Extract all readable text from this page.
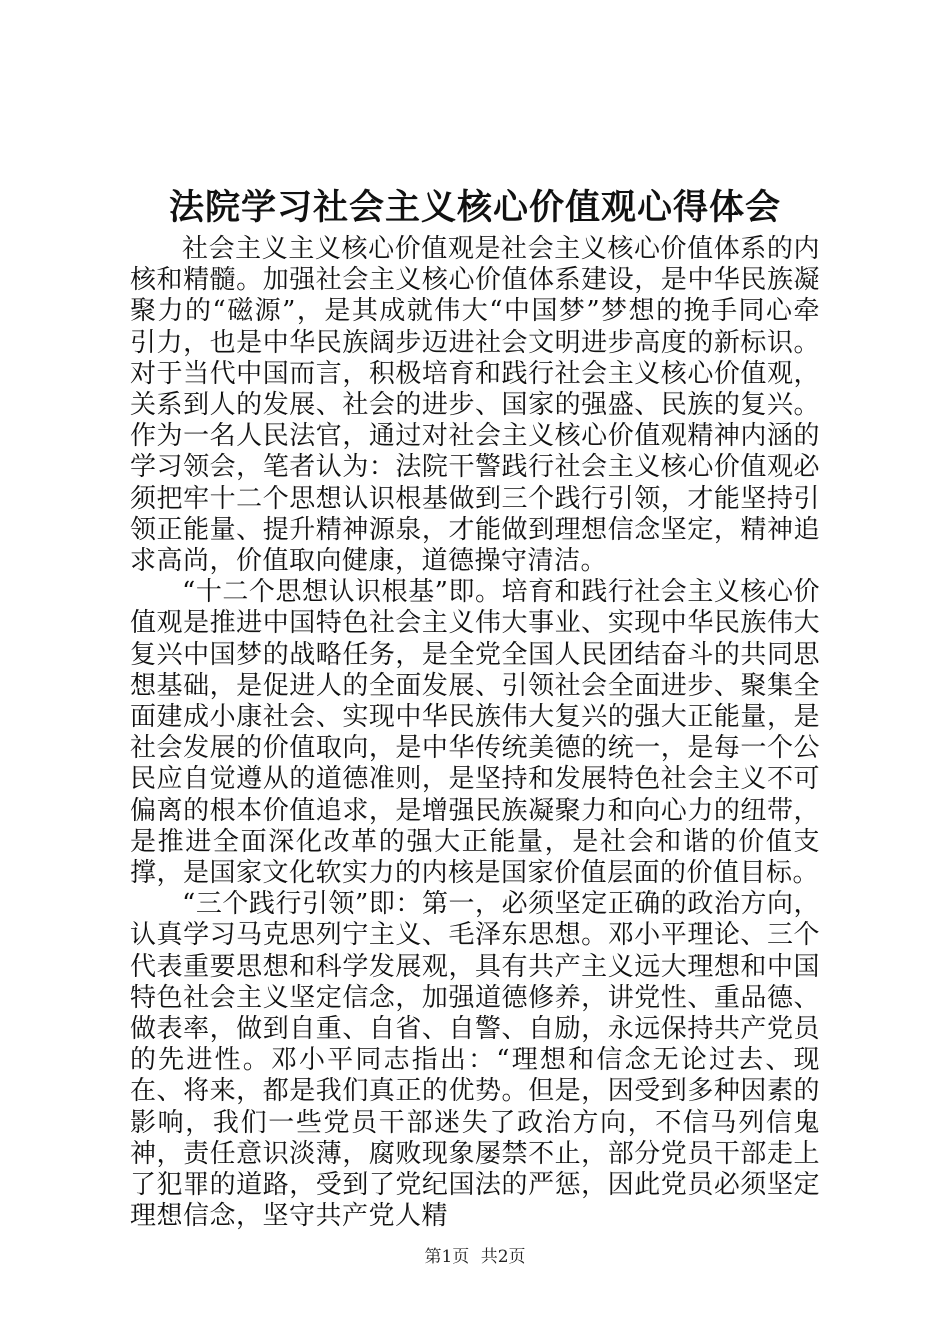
法院学习社会主义核心价值观心得体会

社会主义主义核心价值观是社会主义核心价值体系的内核和精髓。加强社会主义核心价值体系建设，是中华民族凝聚力的“磁源”，是其成就伟大“中国梦”梦想的挽手同心牵引力，也是中华民族阔步迈进社会文明进步高度的新标识。对于当代中国而言，积极培育和践行社会主义核心价值观，关系到人的发展、社会的进步、国家的强盛、民族的复兴。作为一名人民法官，通过对社会主义核心价值观精神内涵的学习领会，笔者认为：法院干警践行社会主义核心价值观必须把牢十二个思想认识根基做到三个践行引领，才能坚持引领正能量、提升精神源泉，才能做到理想信念坚定，精神追求高尚，价值取向健康，道德操守清洁。

“十二个思想认识根基”即。培育和践行社会主义核心价值观是推进中国特色社会主义伟大事业、实现中华民族伟大复兴中国梦的战略任务，是全党全国人民团结奋斗的共同思想基础，是促进人的全面发展、引领社会全面进步、聚集全面建成小康社会、实现中华民族伟大复兴的强大正能量，是社会发展的价值取向，是中华传统美德的统一，是每一个公民应自觉遵从的道德准则，是坚持和发展特色社会主义不可偏离的根本价值追求，是增强民族凝聚力和向心力的纽带，是推进全面深化改革的强大正能量，是社会和谐的价值支撑，是国家文化软实力的内核是国家价值层面的价值目标。

“三个践行引领”即：第一，必须坚定正确的政治方向，认真学习马克思列宁主义、毛泽东思想。邓小平理论、三个代表重要思想和科学发展观，具有共产主义远大理想和中国特色社会主义坚定信念，加强道德修养，讲党性、重品德、做表率，做到自重、自省、自警、自励，永远保持共产党员的先进性。邓小平同志指出：“理想和信念无论过去、现在、将来，都是我们真正的优势。但是，因受到多种因素的影响，我们一些党员干部迷失了政治方向，不信马列信鬼神，责任意识淡薄，腐败现象屡禁不止，部分党员干部走上了犯罪的道路，受到了党纪国法的严惩，因此党员必须坚定理想信念，坚守共产党人精

第1页 共2页
